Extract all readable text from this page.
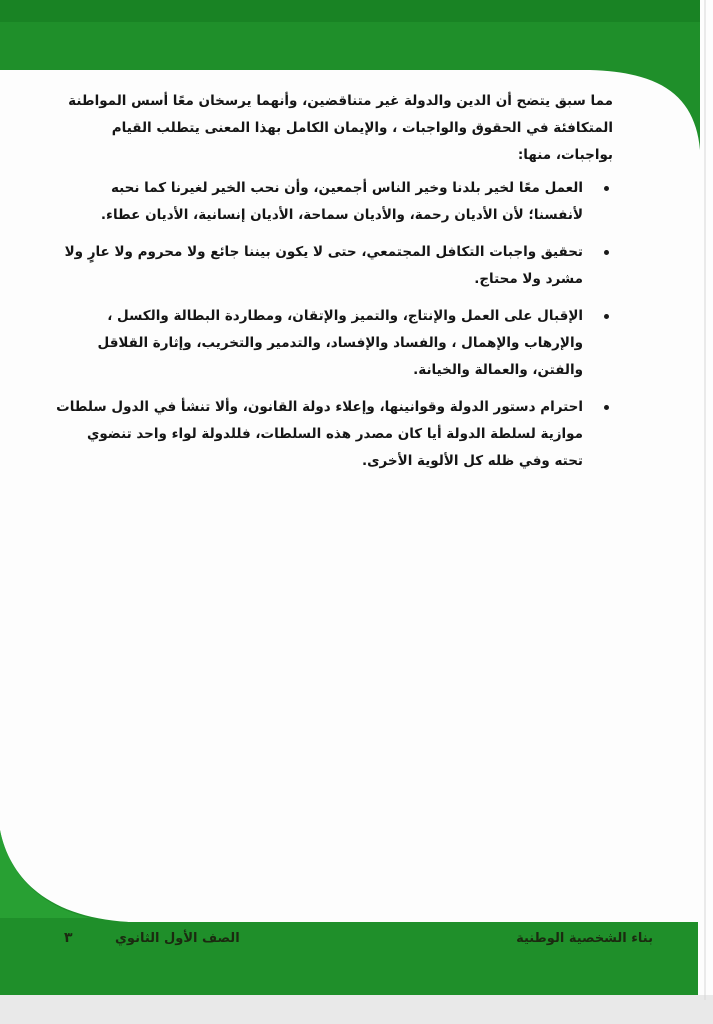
مما سبق يتضح أن الدين والدولة غير متناقضين، وأنهما يرسخان معًا أسس المواطنة المتكافئة في الحقوق والواجبات ، والإيمان الكامل بهذا المعنى يتطلب القيام بواجبات، منها:

العمل معًا لخير بلدنا وخير الناس أجمعين، وأن نحب الخير لغيرنا كما نحبه لأنفسنا؛ لأن الأديان رحمة، والأديان سماحة، الأديان إنسانية، الأديان عطاء.
تحقيق واجبات التكافل المجتمعي، حتى لا يكون بيننا جائع ولا محروم ولا عارٍ ولا مشرد ولا محتاج.
الإقبال على العمل والإنتاج، والتميز والإتقان، ومطاردة البطالة والكسل ، والإرهاب والإهمال ، والفساد والإفساد، والتدمير والتخريب، وإثارة القلاقل والفتن، والعمالة والخيانة.
احترام دستور الدولة وقوانينها، وإعلاء دولة القانون، وألا تنشأ في الدول سلطات موازية لسلطة الدولة أيا كان مصدر هذه السلطات، فللدولة لواء واحد تنضوي تحته وفي ظله كل الألوية الأخرى.
بناء الشخصية الوطنية
الصف الأول الثانوي
٣
